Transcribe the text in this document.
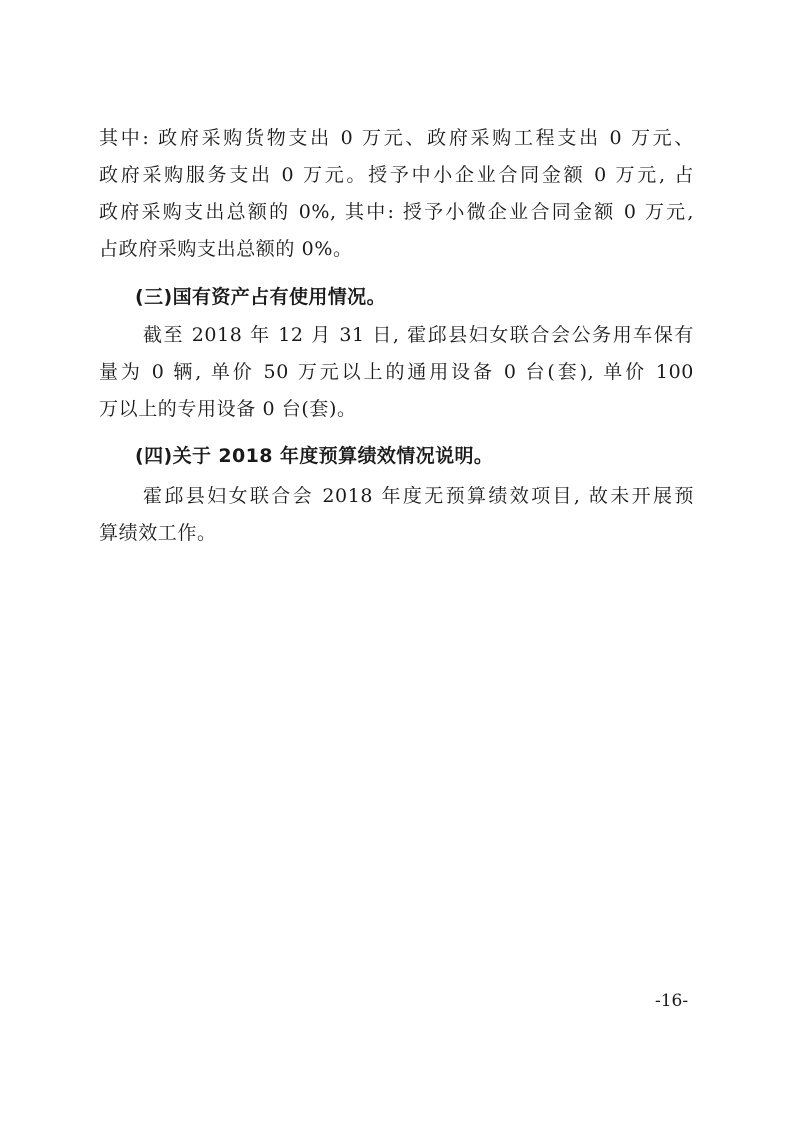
其中: 政府采购货物支出 0 万元、政府采购工程支出 0 万元、
政府采购服务支出 0 万元。授予中小企业合同金额 0 万元, 占
政府采购支出总额的 0%, 其中: 授予小微企业合同金额 0 万元,
占政府采购支出总额的 0%。
(三)国有资产占有使用情况。
截至 2018 年 12 月 31 日, 霍邱县妇女联合会公务用车保有
量为 0 辆, 单价 50 万元以上的通用设备 0 台(套), 单价 100
万以上的专用设备 0 台(套)。
(四)关于 2018 年度预算绩效情况说明。
霍邱县妇女联合会 2018 年度无预算绩效项目, 故未开展预
算绩效工作。
-16-
